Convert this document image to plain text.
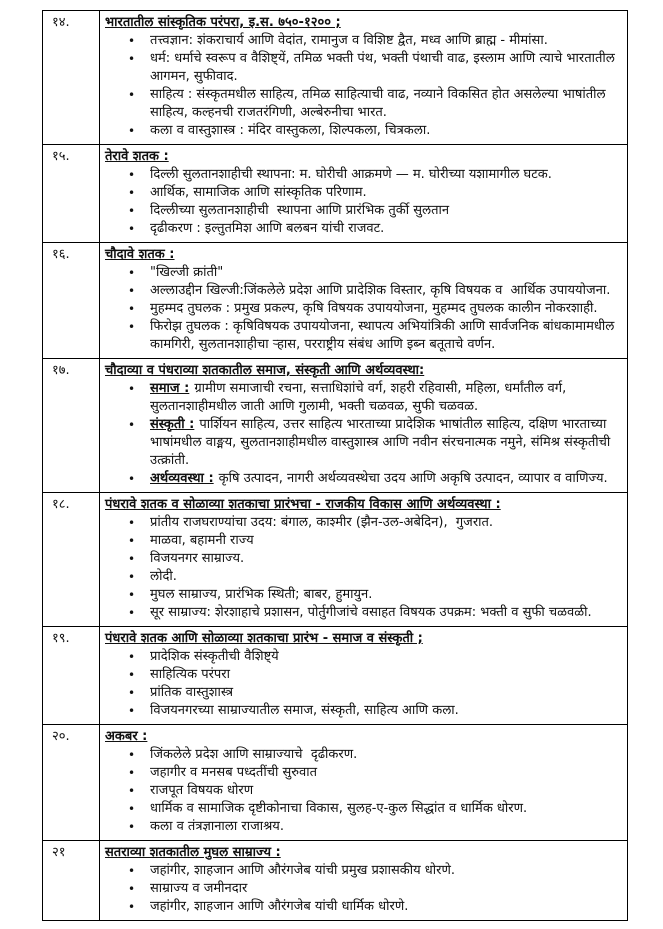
१४.	भारतातील सांस्कृतिक परंपरा, इ.स. ७५०-१२०० ;
•	तत्त्वज्ञान: शंकराचार्य आणि वेदांत, रामानुज व विशिष्ट द्वैत, मध्व आणि ब्राह्म - मीमांसा.
•	धर्म: धर्माचे स्वरूप व वैशिष्ट्यें, तमिळ भक्ती पंथ, भक्ती पंथाची वाढ, इस्लाम आणि त्याचे भारतातील आगमन, सुफीवाद.
•	साहित्य : संस्कृतमधील साहित्य, तमिळ साहित्याची वाढ, नव्याने विकसित होत असलेल्या भाषांतील साहित्य, कल्हनची राजतरंगिणी, अल्बेरुनीचा भारत.
•	कला व वास्तुशास्त्र : मंदिर वास्तुकला, शिल्पकला, चित्रकला.
१५.	तेरावे शतक :
•	दिल्ली सुलतानशाहीची स्थापना: म. घोरीची आक्रमणे — म. घोरीच्या यशामागील घटक.
•	आर्थिक, सामाजिक आणि सांस्कृतिक परिणाम.
•	दिल्लीच्या सुलतानशाहीची  स्थापना आणि प्रारंभिक तुर्की सुलतान
•	दृढीकरण : इल्तुतमिश आणि बलबन यांची राजवट.
१६.	चौदावे शतक :
•	"खिल्जी क्रांती"
•	अल्लाउद्दीन खिल्जी:जिंकलेले प्रदेश आणि प्रादेशिक विस्तार, कृषि विषयक व  आर्थिक उपाययोजना.
•	मुहम्मद तुघलक : प्रमुख प्रकल्प, कृषि विषयक उपाययोजना, मुहम्मद तुघलक कालीन नोकरशाही.
•	फिरोझ तुघलक : कृषिविषयक उपाययोजना, स्थापत्य अभियांत्रिकी आणि सार्वजनिक बांधकामामधील कामगिरी, सुलतानशाहीचा ऱ्हास, परराष्ट्रीय संबंध आणि इब्न बतूताचे वर्णन.
१७.	चौदाव्या व पंधराव्या शतकातील समाज, संस्कृती आणि अर्थव्यवस्था:
•	समाज : ग्रामीण समाजाची रचना, सत्ताधिशांचे वर्ग, शहरी रहिवासी, महिला, धर्मांतील वर्ग, सुलतानशाहीमधील जाती आणि गुलामी, भक्ती चळवळ, सुफी चळवळ.
•	संस्कृती : पार्शियन साहित्य, उत्तर साहित्य भारताच्या प्रादेशिक भाषांतील साहित्य, दक्षिण भारताच्या भाषांमधील वाङ्मय, सुलतानशाहीमधील वास्तुशास्त्र आणि नवीन संरचनात्मक नमुने, संमिश्र संस्कृतीची उत्क्रांती.
•	अर्थव्यवस्था : कृषि उत्पादन, नागरी अर्थव्यवस्थेचा उदय आणि अकृषि उत्पादन, व्यापार व वाणिज्य.
१८.	पंधरावे शतक व सोळाव्या शतकाचा प्रारंभचा - राजकीय विकास आणि अर्थव्यवस्था :
•	प्रांतीय राजघराण्यांचा उदय: बंगाल, काश्मीर (झैन-उल-अबेदिन),  गुजरात.
•	माळवा, बहामनी राज्य
•	विजयनगर साम्राज्य.
•	लोदी.
•	मुघल साम्राज्य, प्रारंभिक स्थिती; बाबर, हुमायुन.
•	सूर साम्राज्य: शेरशाहाचे प्रशासन, पोर्तुगीजांचे वसाहत विषयक उपक्रम: भक्ती व सुफी चळवळी.
१९.	पंधरावे शतक आणि सोळाव्या शतकाचा प्रारंभ - समाज व संस्कृती ;
•	प्रादेशिक संस्कृतीची वैशिष्ट्ये
•	साहित्यिक परंपरा
•	प्रांतिक वास्तुशास्त्र
•	विजयनगरच्या साम्राज्यातील समाज, संस्कृती, साहित्य आणि कला.
२०.	अकबर :
•	जिंकलेले प्रदेश आणि साम्राज्याचे  दृढीकरण.
•	जहागीर व मनसब पध्दतींची सुरुवात
•	राजपूत विषयक धोरण
•	धार्मिक व सामाजिक दृष्टीकोनाचा विकास, सुलह-ए-कुल सिद्धांत व धार्मिक धोरण.
•	कला व तंत्रज्ञानाला राजाश्रय.
२१	सतराव्या शतकातील मुघल साम्राज्य :
•	जहांगीर, शाहजान आणि औरंगजेब यांची प्रमुख प्रशासकीय धोरणे.
•	साम्राज्य व जमीनदार
•	जहांगीर, शाहजान आणि औरंगजेब यांची धार्मिक धोरणे.
